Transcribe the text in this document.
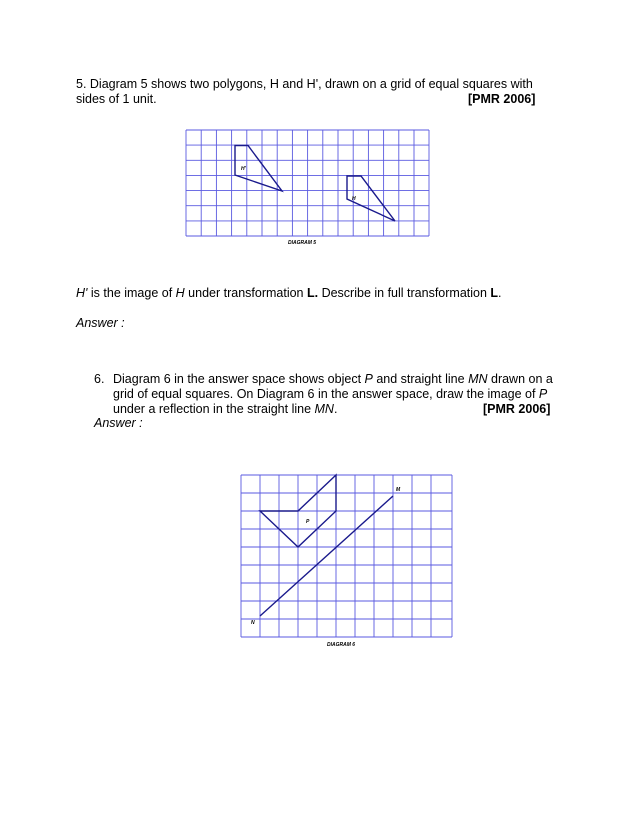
5. Diagram 5 shows two polygons, H and H', drawn on a grid of equal squares with
sides of 1 unit.	[PMR 2006]
H'
H
DIAGRAM 5
H' is the image of H under transformation L. Describe in full transformation L.
Answer :
6. Diagram 6 in the answer space shows object P and straight line MN drawn on a
grid of equal squares. On Diagram 6 in the answer space, draw the image of P
under a reflection in the straight line MN.	[PMR 2006]
Answer :
P
M
N
DIAGRAM 6
